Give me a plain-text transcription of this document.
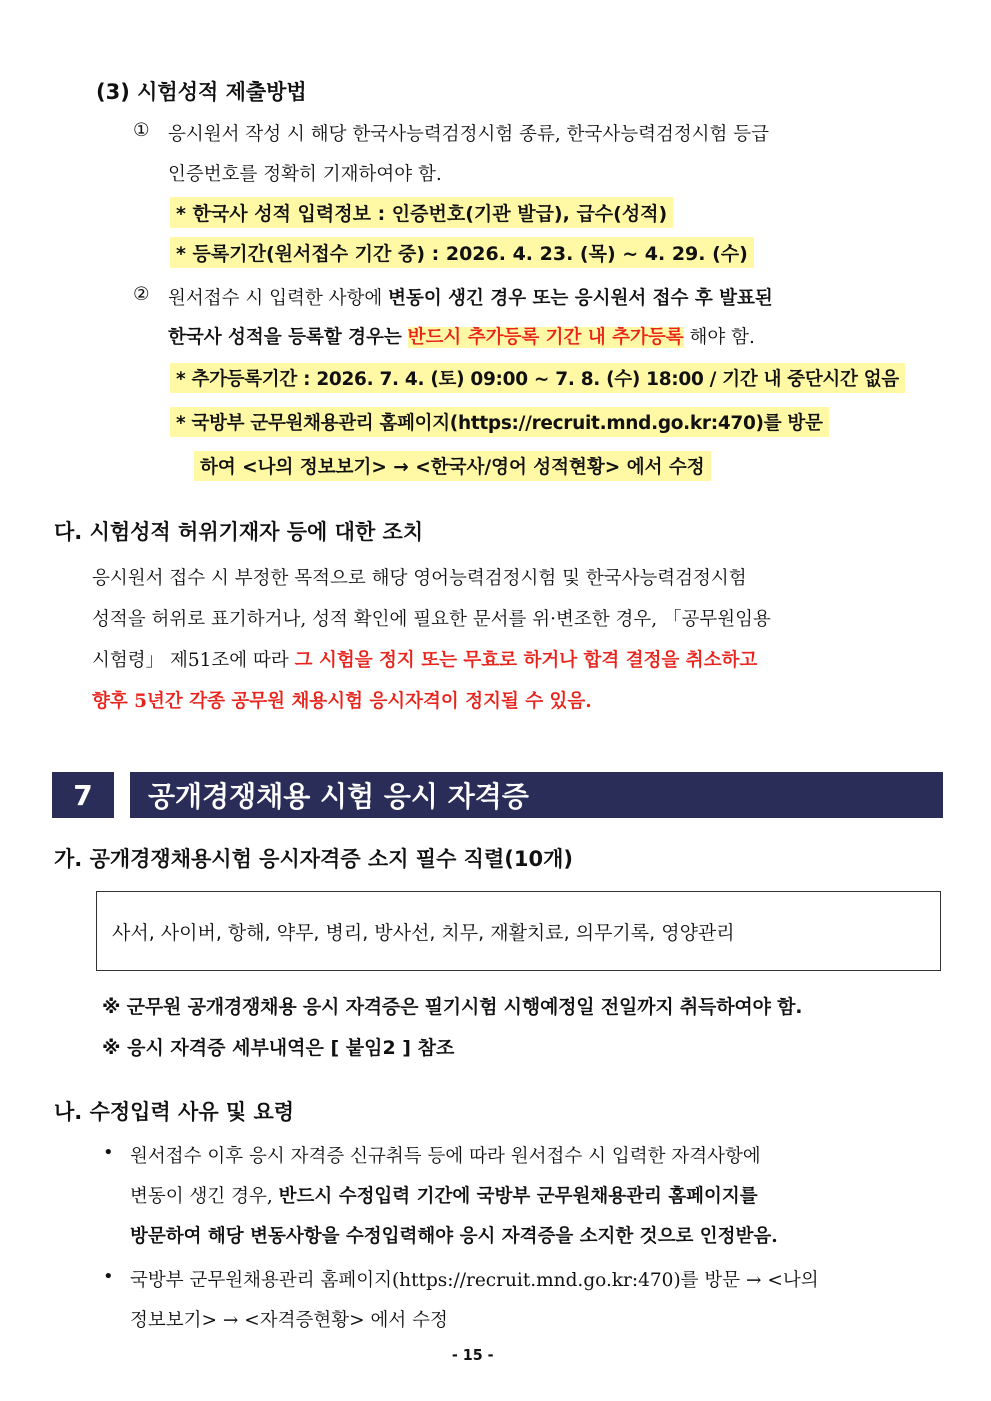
(3) 시험성적 제출방법
① 응시원서 작성 시 해당 한국사능력검정시험 종류, 한국사능력검정시험 등급
인증번호를 정확히 기재하여야 함.
* 한국사 성적 입력정보 : 인증번호(기관 발급), 급수(성적)
* 등록기간(원서접수 기간 중) : 2026. 4. 23. (목) ~ 4. 29. (수)
② 원서접수 시 입력한 사항에 변동이 생긴 경우 또는 응시원서 접수 후 발표된
한국사 성적을 등록할 경우는 반드시 추가등록 기간 내 추가등록 해야 함.
* 추가등록기간 : 2026. 7. 4. (토) 09:00 ~ 7. 8. (수) 18:00 / 기간 내 중단시간 없음
* 국방부 군무원채용관리 홈페이지(https://recruit.mnd.go.kr:470)를 방문
하여 <나의 정보보기> → <한국사/영어 성적현황> 에서 수정
다. 시험성적 허위기재자 등에 대한 조치
응시원서 접수 시 부정한 목적으로 해당 영어능력검정시험 및 한국사능력검정시험
성적을 허위로 표기하거나, 성적 확인에 필요한 문서를 위·변조한 경우, 「공무원임용
시험령」 제51조에 따라 그 시험을 정지 또는 무효로 하거나 합격 결정을 취소하고
향후 5년간 각종 공무원 채용시험 응시자격이 정지될 수 있음.
7	공개경쟁채용 시험 응시 자격증
가. 공개경쟁채용시험 응시자격증 소지 필수 직렬(10개)
사서, 사이버, 항해, 약무, 병리, 방사선, 치무, 재활치료, 의무기록, 영양관리
※ 군무원 공개경쟁채용 응시 자격증은 필기시험 시행예정일 전일까지 취득하여야 함.
※ 응시 자격증 세부내역은 [ 붙임2 ] 참조
나. 수정입력 사유 및 요령
• 원서접수 이후 응시 자격증 신규취득 등에 따라 원서접수 시 입력한 자격사항에
변동이 생긴 경우, 반드시 수정입력 기간에 국방부 군무원채용관리 홈페이지를
방문하여 해당 변동사항을 수정입력해야 응시 자격증을 소지한 것으로 인정받음.
• 국방부 군무원채용관리 홈페이지(https://recruit.mnd.go.kr:470)를 방문 → <나의
정보보기> → <자격증현황> 에서 수정
- 15 -
